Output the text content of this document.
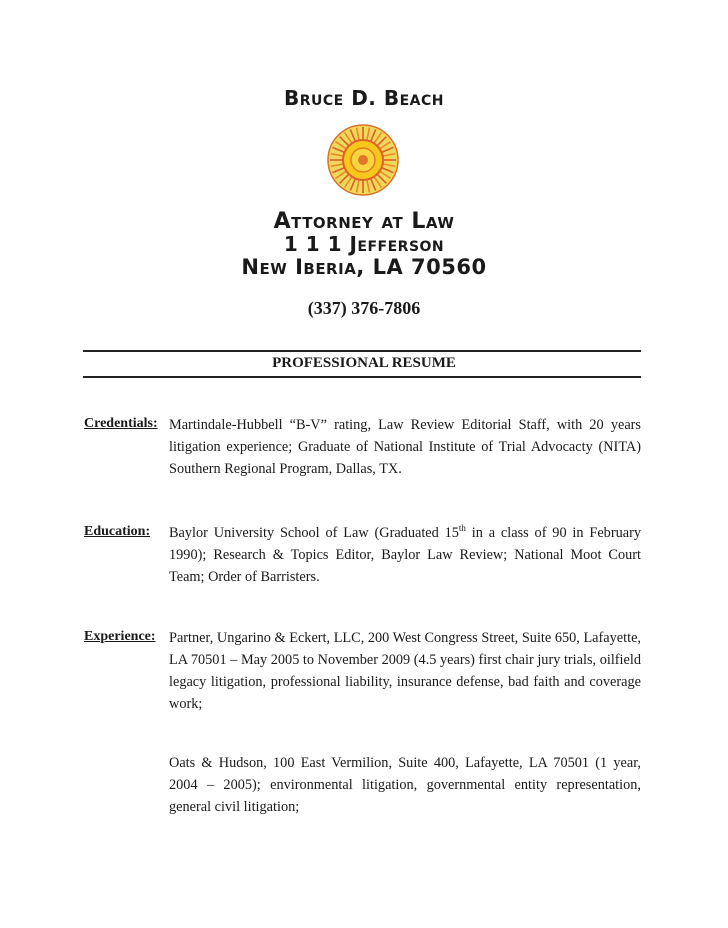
Bruce D. Beach
Attorney at Law
1 1 1 Jefferson
New Iberia, LA 70560
(337) 376-7806
PROFESSIONAL RESUME
Credentials: Martindale-Hubbell “B-V” rating, Law Review Editorial Staff, with 20 years litigation experience; Graduate of National Institute of Trial Advocacty (NITA) Southern Regional Program, Dallas, TX.

Education: Baylor University School of Law (Graduated 15th in a class of 90 in February 1990); Research & Topics Editor, Baylor Law Review; National Moot Court Team; Order of Barristers.

Experience: Partner, Ungarino & Eckert, LLC, 200 West Congress Street, Suite 650, Lafayette, LA 70501 – May 2005 to November 2009 (4.5 years) first chair jury trials, oilfield legacy litigation, professional liability, insurance defense, bad faith and coverage work;

Oats & Hudson, 100 East Vermilion, Suite 400, Lafayette, LA 70501 (1 year, 2004 – 2005); environmental litigation, governmental entity representation, general civil litigation;
